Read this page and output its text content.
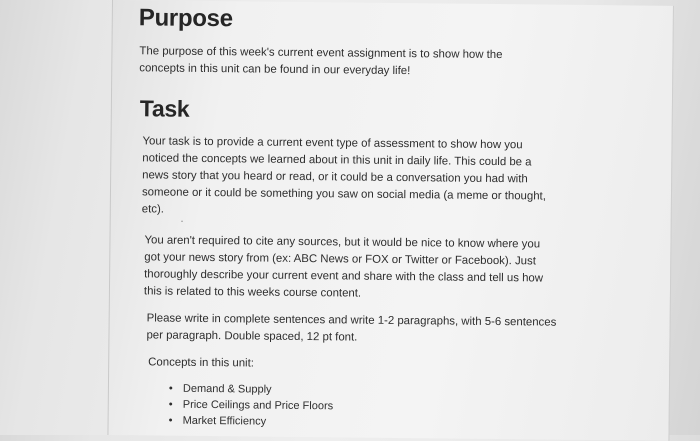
Purpose

The purpose of this week's current event assignment is to show how the concepts in this unit can be found in our everyday life!

Task

Your task is to provide a current event type of assessment to show how you noticed the concepts we learned about in this unit in daily life. This could be a news story that you heard or read, or it could be a conversation you had with someone or it could be something you saw on social media (a meme or thought, etc).

.

You aren't required to cite any sources, but it would be nice to know where you got your news story from (ex: ABC News or FOX or Twitter or Facebook). Just thoroughly describe your current event and share with the class and tell us how this is related to this weeks course content.

Please write in complete sentences and write 1-2 paragraphs, with 5-6 sentences per paragraph. Double spaced, 12 pt font.

Concepts in this unit:

• Demand & Supply
• Price Ceilings and Price Floors
• Market Efficiency
